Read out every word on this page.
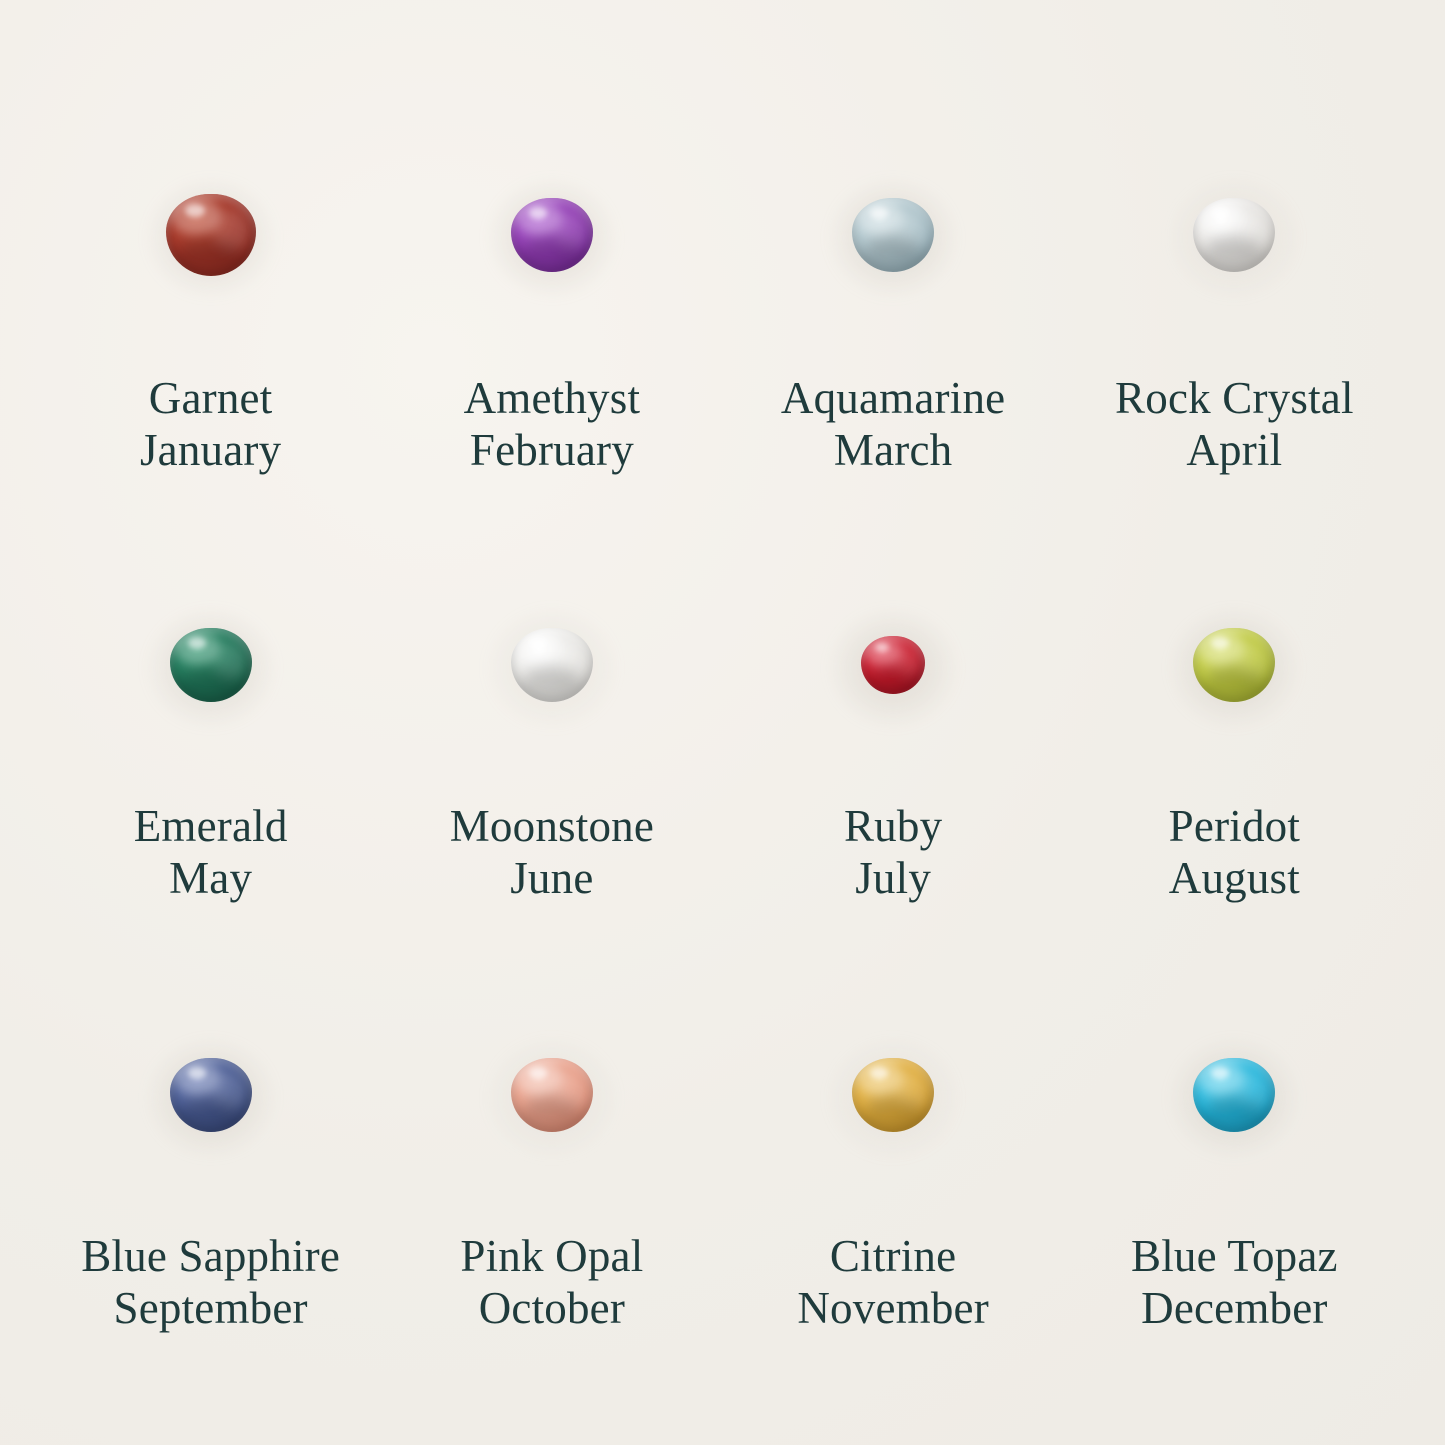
Garnet
January
Amethyst
February
Aquamarine
March
Rock Crystal
April
Emerald
May
Moonstone
June
Ruby
July
Peridot
August
Blue Sapphire
September
Pink Opal
October
Citrine
November
Blue Topaz
December
